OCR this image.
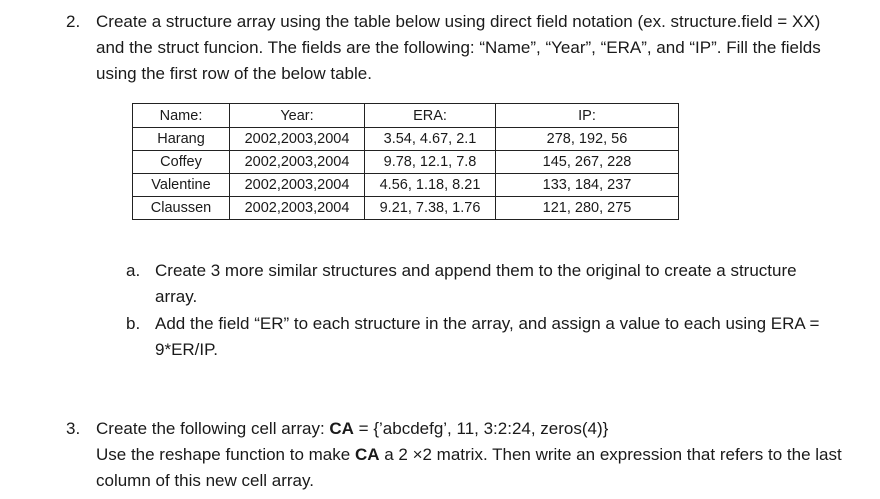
2. Create a structure array using the table below using direct field notation (ex. structure.field = XX) and the struct funcion. The fields are the following: “Name”, “Year”, “ERA”, and “IP”. Fill the fields using the first row of the below table.
Name:	Year:	ERA:	IP:
Harang	2002,2003,2004	3.54, 4.67, 2.1	278, 192, 56
Coffey	2002,2003,2004	9.78, 12.1, 7.8	145, 267, 228
Valentine	2002,2003,2004	4.56, 1.18, 8.21	133, 184, 237
Claussen	2002,2003,2004	9.21, 7.38, 1.76	121, 280, 275
a. Create 3 more similar structures and append them to the original to create a structure array.
b. Add the field “ER” to each structure in the array, and assign a value to each using ERA = 9*ER/IP.
3. Create the following cell array: CA = {’abcdefg’, 11, 3:2:24, zeros(4)}
Use the reshape function to make CA a 2 ×2 matrix. Then write an expression that refers to the last column of this new cell array.
